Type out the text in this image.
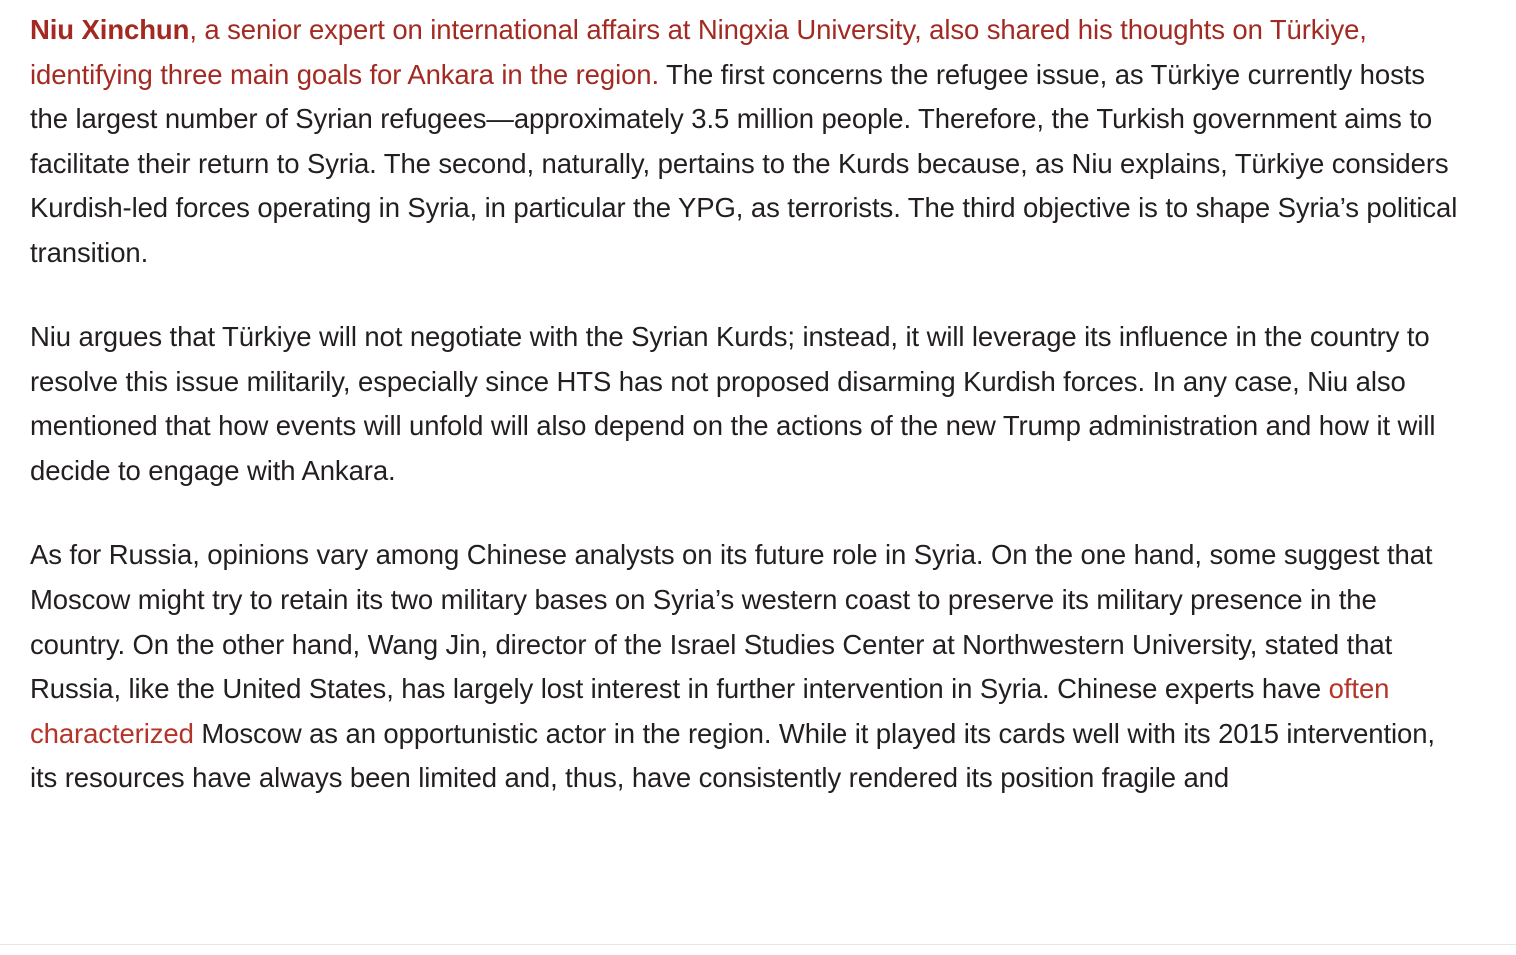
Niu Xinchun, a senior expert on international affairs at Ningxia University, also shared his thoughts on Türkiye, identifying three main goals for Ankara in the region. The first concerns the refugee issue, as Türkiye currently hosts the largest number of Syrian refugees—approximately 3.5 million people. Therefore, the Turkish government aims to facilitate their return to Syria. The second, naturally, pertains to the Kurds because, as Niu explains, Türkiye considers Kurdish-led forces operating in Syria, in particular the YPG, as terrorists. The third objective is to shape Syria’s political transition.

Niu argues that Türkiye will not negotiate with the Syrian Kurds; instead, it will leverage its influence in the country to resolve this issue militarily, especially since HTS has not proposed disarming Kurdish forces. In any case, Niu also mentioned that how events will unfold will also depend on the actions of the new Trump administration and how it will decide to engage with Ankara.

As for Russia, opinions vary among Chinese analysts on its future role in Syria. On the one hand, some suggest that Moscow might try to retain its two military bases on Syria’s western coast to preserve its military presence in the country. On the other hand, Wang Jin, director of the Israel Studies Center at Northwestern University, stated that Russia, like the United States, has largely lost interest in further intervention in Syria. Chinese experts have often characterized Moscow as an opportunistic actor in the region. While it played its cards well with its 2015 intervention, its resources have always been limited and, thus, have consistently rendered its position fragile and
